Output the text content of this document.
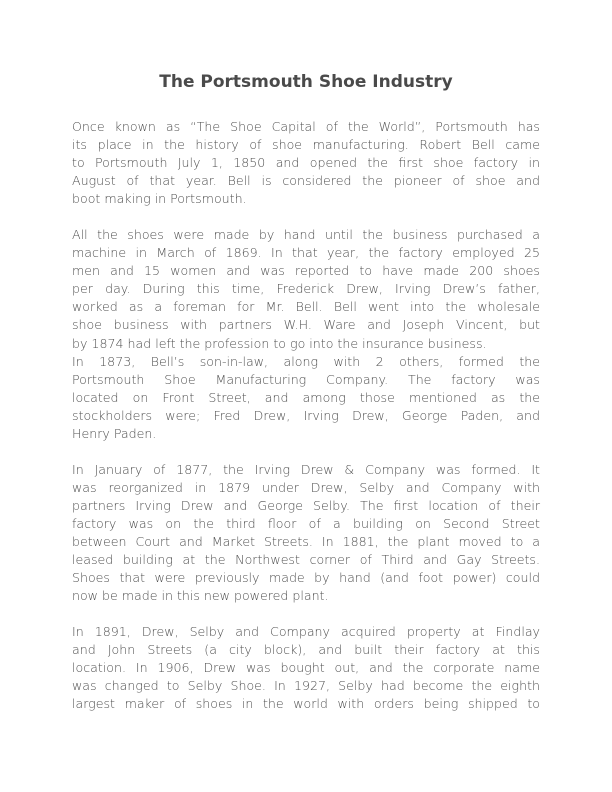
The Portsmouth Shoe Industry

Once known as “The Shoe Capital of the World”, Portsmouth has
its place in the history of shoe manufacturing. Robert Bell came
to Portsmouth July 1, 1850 and opened the first shoe factory in
August of that year. Bell is considered the pioneer of shoe and
boot making in Portsmouth.

All the shoes were made by hand until the business purchased a
machine in March of 1869. In that year, the factory employed 25
men and 15 women and was reported to have made 200 shoes
per day. During this time, Frederick Drew, Irving Drew’s father,
worked as a foreman for Mr. Bell. Bell went into the wholesale
shoe business with partners W.H. Ware and Joseph Vincent, but
by 1874 had left the profession to go into the insurance business.
In 1873, Bell’s son-in-law, along with 2 others, formed the
Portsmouth Shoe Manufacturing Company. The factory was
located on Front Street, and among those mentioned as the
stockholders were; Fred Drew, Irving Drew, George Paden, and
Henry Paden.

In January of 1877, the Irving Drew & Company was formed. It
was reorganized in 1879 under Drew, Selby and Company with
partners Irving Drew and George Selby. The first location of their
factory was on the third floor of a building on Second Street
between Court and Market Streets. In 1881, the plant moved to a
leased building at the Northwest corner of Third and Gay Streets.
Shoes that were previously made by hand (and foot power) could
now be made in this new powered plant.

In 1891, Drew, Selby and Company acquired property at Findlay
and John Streets (a city block), and built their factory at this
location. In 1906, Drew was bought out, and the corporate name
was changed to Selby Shoe. In 1927, Selby had become the eighth
largest maker of shoes in the world with orders being shipped to
